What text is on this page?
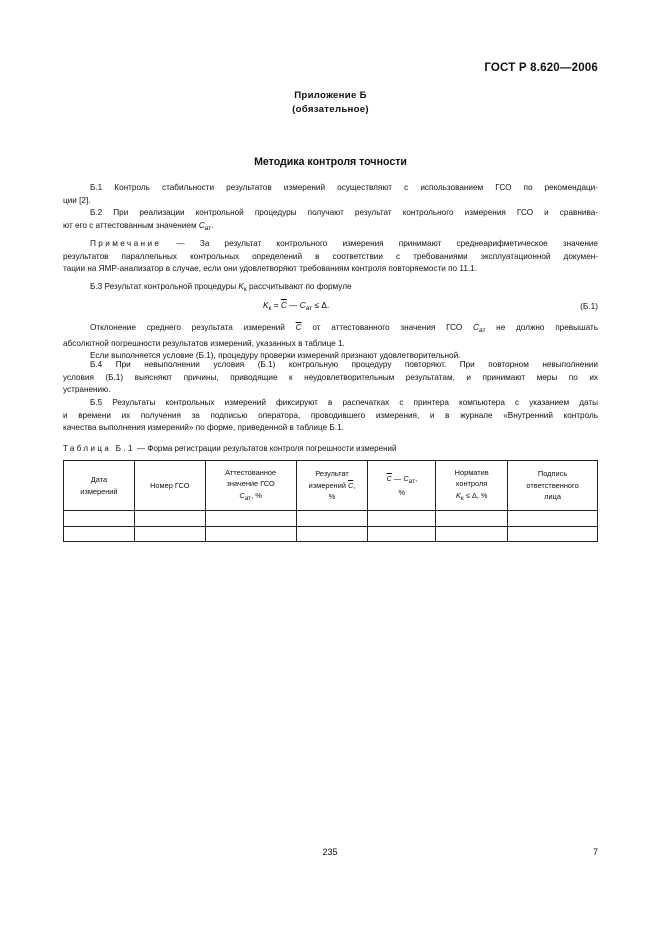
ГОСТ Р 8.620—2006
Приложение Б
(обязательное)
Методика контроля точности
Б.1 Контроль стабильности результатов измерений осуществляют с использованием ГСО по рекомендаци-
ции [2].
Б.2 При реализации контрольной процедуры получают результат контрольного измерения ГСО и сравнива-
ют его с аттестованным значением $C_{ат}$.
Примечание — За результат контрольного измерения принимают среднеарифметическое значение
результатов параллельных контрольных определений в соответствии с требованиями эксплуатационной докумен-
тации на ЯМР-анализатор в случае, если они удовлетворяют требованиям контроля повторяемости по 11.1.
Б.3 Результат контрольной процедуры $K_к$ рассчитывают по формуле
$K_к = \overline{C}$ — $C_{ат} \le \Delta$.	(Б.1)
Отклонение среднего результата измерений $\overline{C}$ от аттестованного значения ГСО $C_{ат}$ не должно превышать
абсолютной погрешности результатов измерений, указанных в таблице 1.
Если выполняется условие (Б.1), процедуру проверки измерений признают удовлетворительной.
Б.4 При невыполнении условия (Б.1) контрольную процедуру повторяют. При повторном невыполнении
условия (Б.1) выясняют причины, приводящие к неудовлетворительным результатам, и принимают меры по их
устранению.
Б.5 Результаты контрольных измерений фиксируют в распечатках с принтера компьютера с указанием даты
и времени их получения за подписью оператора, проводившего измерения, и в журнале «Внутренний контроль
качества выполнения измерений» по форме, приведенной в таблице Б.1.
Таблица Б.1 — Форма регистрации результатов контроля погрешности измерений
Дата
измерений	Номер ГСО	Аттестованное
значение ГСО
Cат, %	Результат
измерений $\overline{C}$,
%	$\overline{C}$ — Cат,
%	Норматив
контроля
Kк ≤ Δ, %	Подпись
ответственного
лица

235	7
